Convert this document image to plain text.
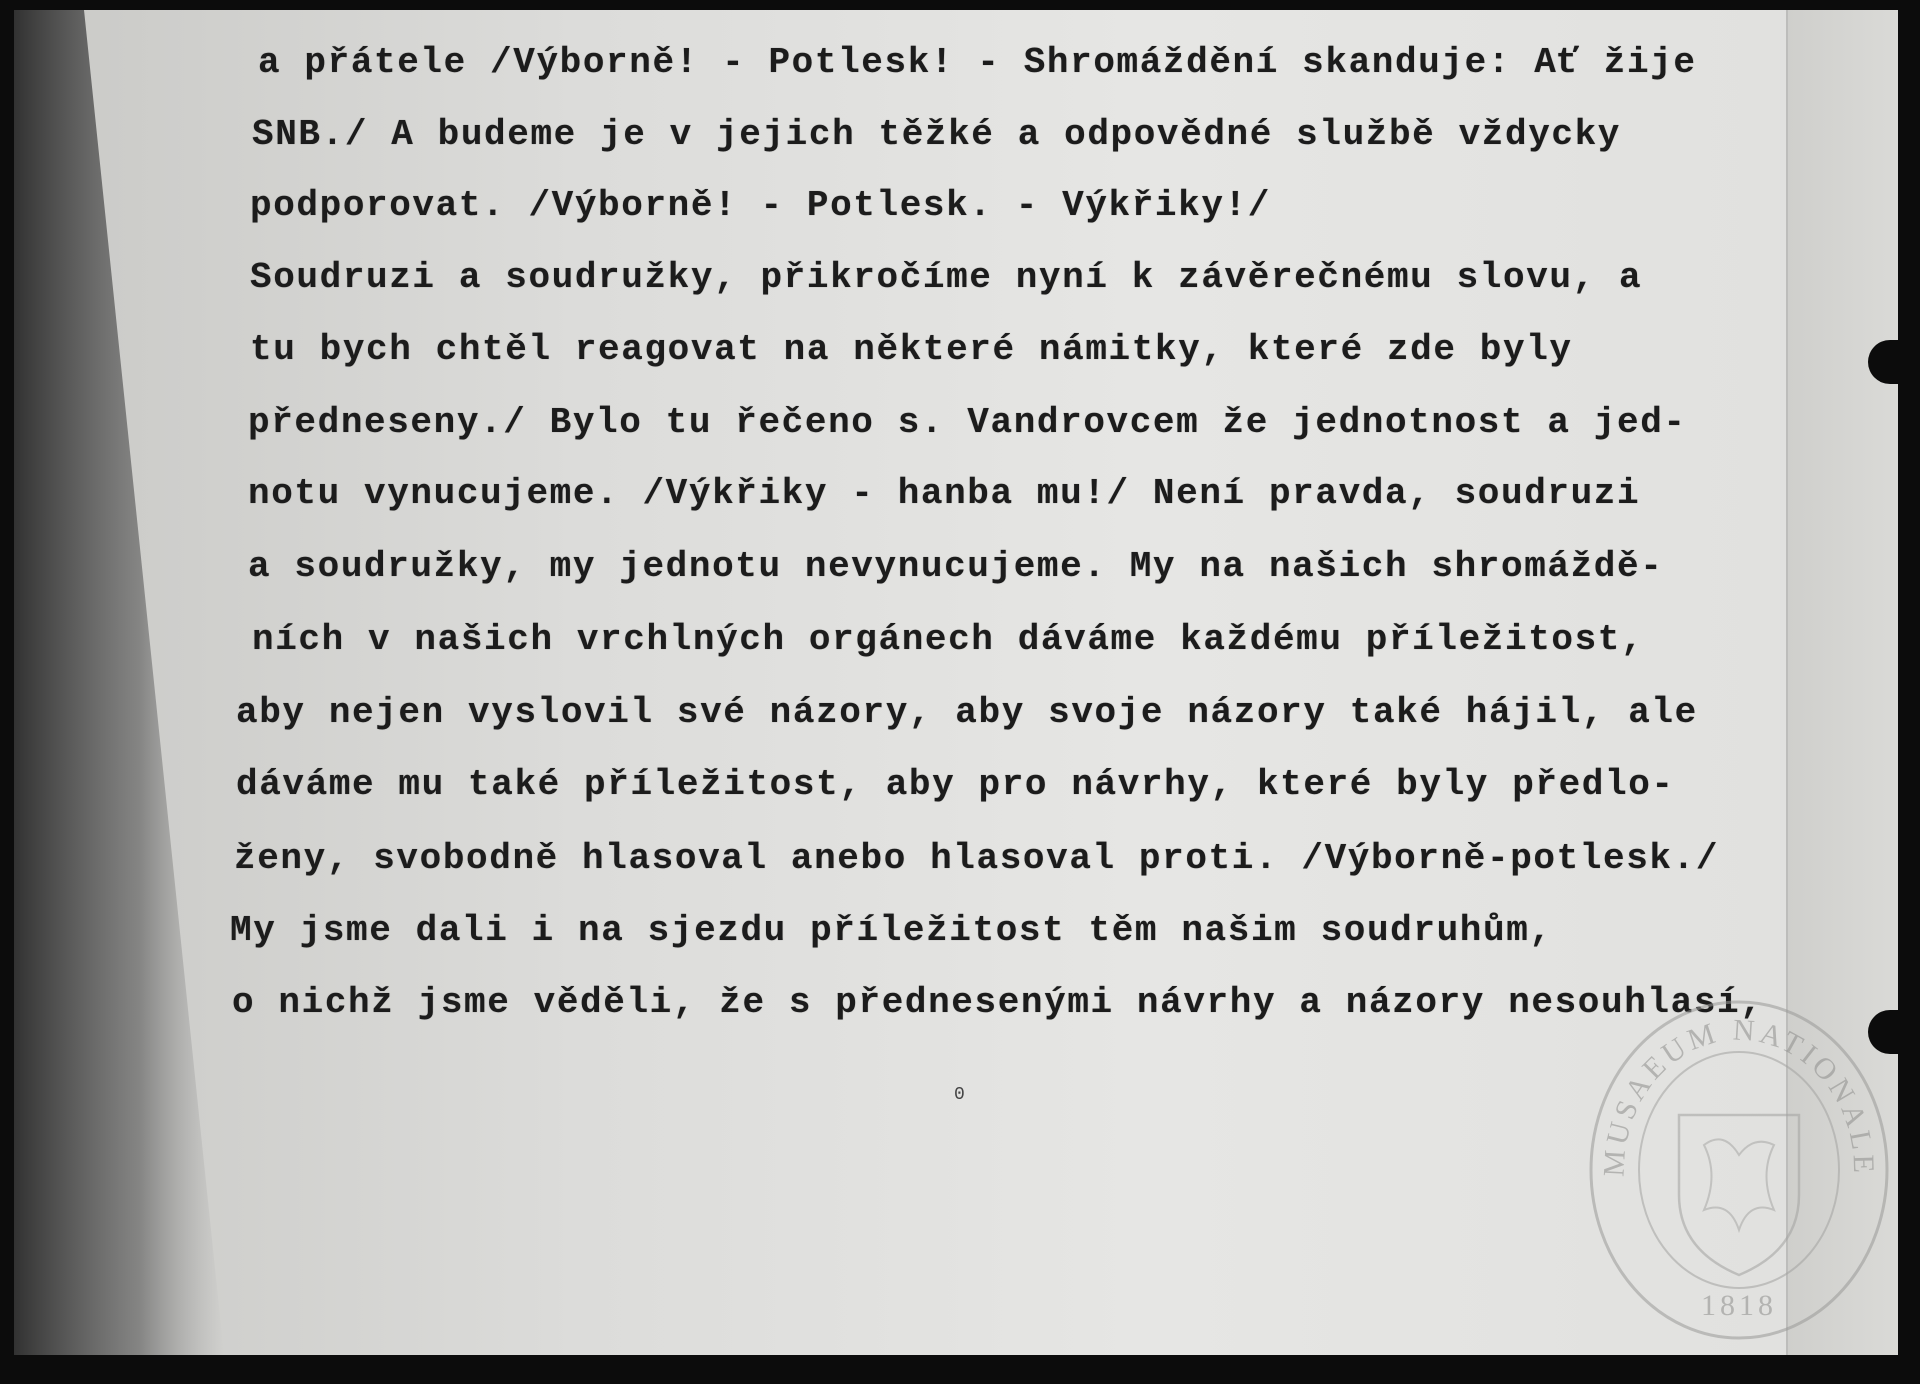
a přátele /Výborně! - Potlesk! - Shromáždění skanduje: Ať žije
SNB./ A budeme je v jejich těžké a odpovědné službě vždycky
podporovat. /Výborně! - Potlesk. - Výkřiky!/
Soudruzi a soudružky, přikročíme nyní k závěrečnému slovu, a
tu bych chtěl reagovat na některé námitky, které zde byly
předneseny./ Bylo tu řečeno s. Vandrovcem že jednotnost a jed-
notu vynucujeme. /Výkřiky - hanba mu!/ Není pravda, soudruzi
a soudružky, my jednotu nevynucujeme. My na našich shromáždě-
ních v našich vrchlných orgánech dáváme každému příležitost,
aby nejen vyslovil své názory, aby svoje názory také hájil, ale
dáváme mu také příležitost, aby pro návrhy, které byly předlo-
ženy, svobodně hlasoval anebo hlasoval proti. /Výborně-potlesk./
My jsme dali i na sjezdu příležitost těm našim soudruhům,
o nichž jsme věděli, že s přednesenými návrhy a názory nesouhlasí,
0
MUSAEUM NATIONALE
1818
